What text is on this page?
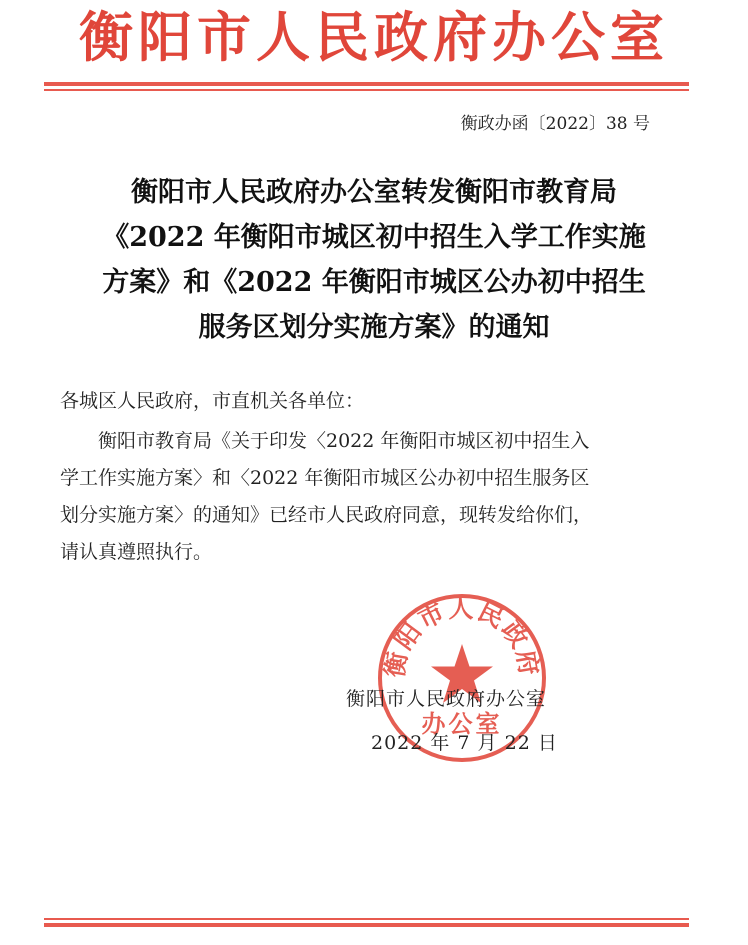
衡阳市人民政府办公室
衡政办函〔2022〕38 号
衡阳市人民政府办公室转发衡阳市教育局
《2022 年衡阳市城区初中招生入学工作实施
方案》和《2022 年衡阳市城区公办初中招生
服务区划分实施方案》的通知
各城区人民政府，市直机关各单位：
衡阳市教育局《关于印发〈2022 年衡阳市城区初中招生入
学工作实施方案〉和〈2022 年衡阳市城区公办初中招生服务区
划分实施方案〉的通知》已经市人民政府同意，现转发给你们，
请认真遵照执行。
衡阳市人民政府
办公室
衡阳市人民政府办公室
2022 年 7 月 22 日
